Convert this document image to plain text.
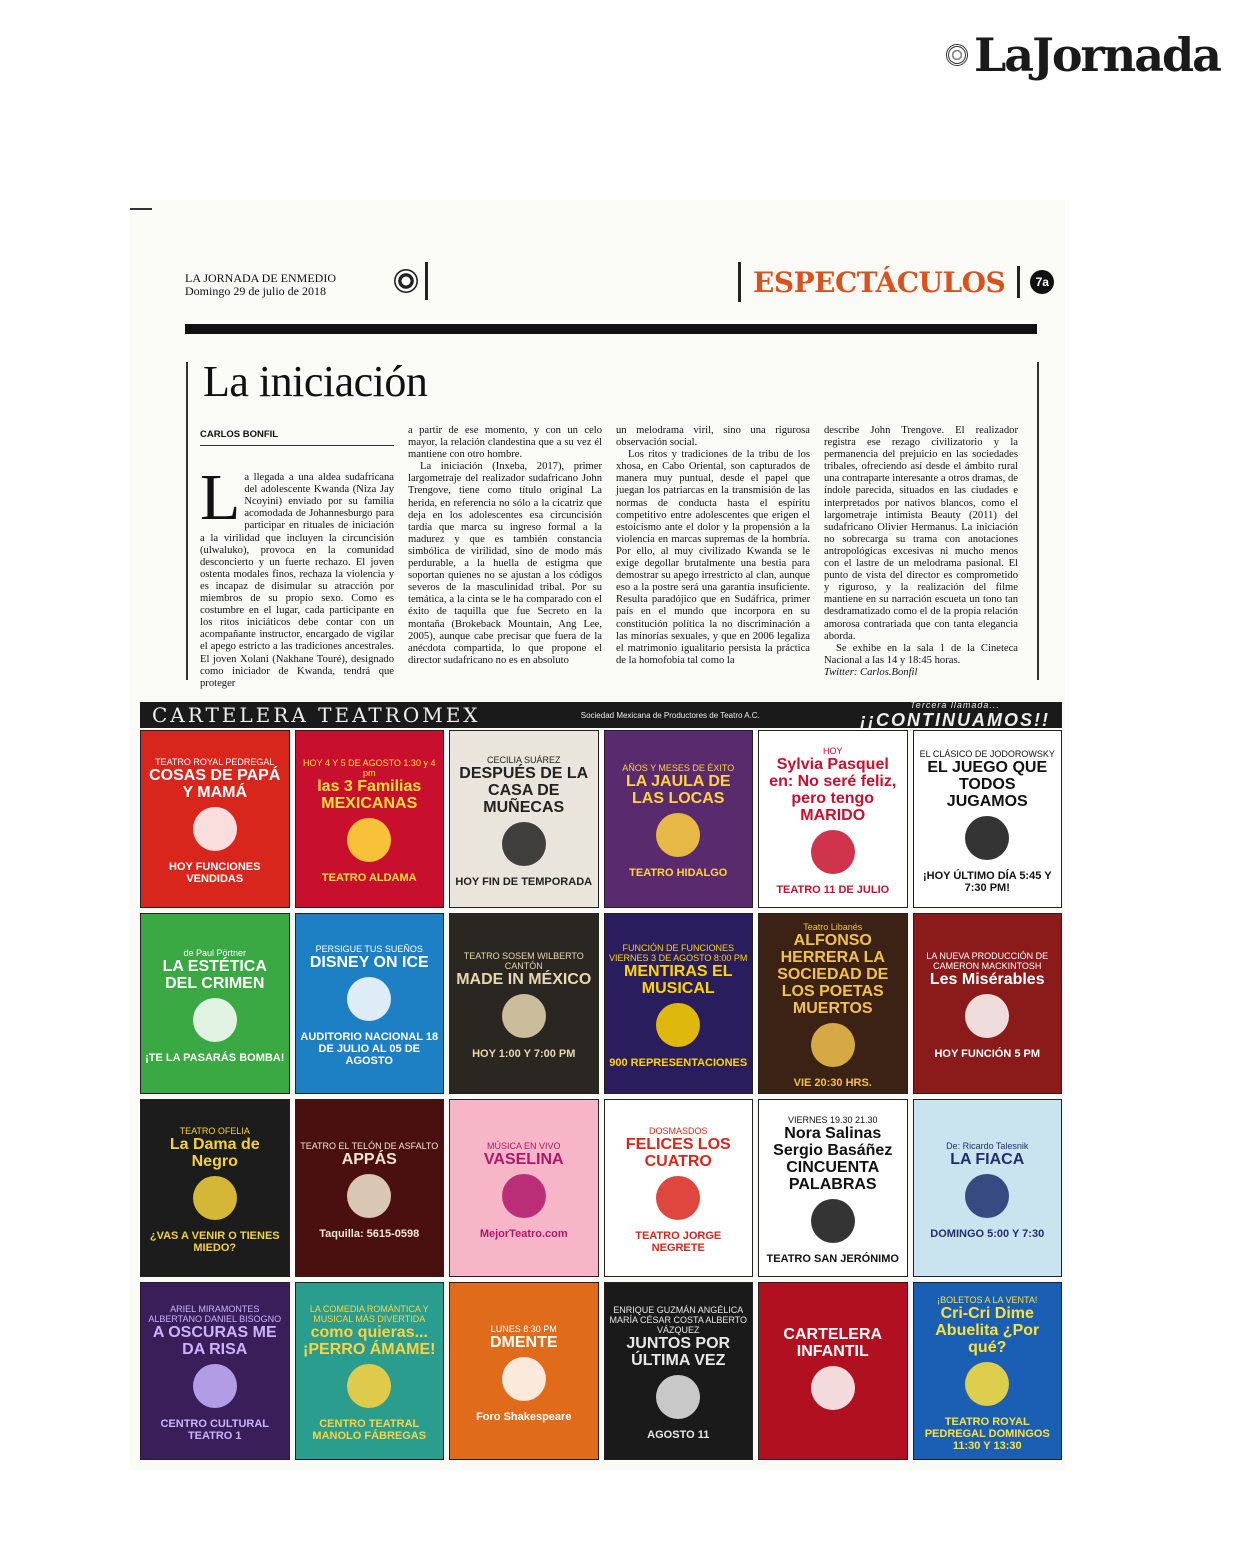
LaJornada
LA JORNADA DE ENMEDIO
Domingo 29 de julio de 2018	ESPECTÁCULOS	7a
La iniciación
CARLOS BONFIL

La llegada a una aldea sudafricana del adolescente Kwanda (Niza Jay Ncoyini) enviado por su familia acomodada de Johannesburgo para participar en rituales de iniciación a la virilidad que incluyen la circuncisión (ulwaluko), provoca en la comunidad desconcierto y un fuerte rechazo. El joven ostenta modales finos, rechaza la violencia y es incapaz de disimular su atracción por miembros de su propio sexo. Como es costumbre en el lugar, cada participante en los ritos iniciáticos debe contar con un acompañante instructor, encargado de vigilar el apego estricto a las tradiciones ancestrales. El joven Xolani (Nakhane Touré), designado como iniciador de Kwanda, tendrá que proteger

a partir de ese momento, y con un celo mayor, la relación clandestina que a su vez él mantiene con otro hombre.

La iniciación (Inxeba, 2017), primer largometraje del realizador sudafricano John Trengove, tiene como título original La herida, en referencia no sólo a la cicatriz que deja en los adolescentes esa circuncisión tardía que marca su ingreso formal a la madurez y que es también constancia simbólica de virilidad, sino de modo más perdurable, a la huella de estigma que soportan quienes no se ajustan a los códigos severos de la masculinidad tribal. Por su temática, a la cinta se le ha comparado con el éxito de taquilla que fue Secreto en la montaña (Brokeback Mountain, Ang Lee, 2005), aunque cabe precisar que fuera de la anécdota compartida, lo que propone el director sudafricano no es en absoluto

un melodrama viril, sino una rigurosa observación social.

Los ritos y tradiciones de la tribu de los xhosa, en Cabo Oriental, son capturados de manera muy puntual, desde el papel que juegan los patriarcas en la transmisión de las normas de conducta hasta el espíritu competitivo entre adolescentes que erigen el estoicismo ante el dolor y la propensión a la violencia en marcas supremas de la hombría. Por ello, al muy civilizado Kwanda se le exige degollar brutalmente una bestia para demostrar su apego irrestricto al clan, aunque eso a la postre será una garantía insuficiente. Resulta paradójico que en Sudáfrica, primer país en el mundo que incorpora en su constitución política la no discriminación a las minorías sexuales, y que en 2006 legaliza el matrimonio igualitario persista la práctica de la homofobia tal como la

describe John Trengove. El realizador registra ese rezago civilizatorio y la permanencia del prejuicio en las sociedades tribales, ofreciendo así desde el ámbito rural una contraparte interesante a otros dramas, de índole parecida, situados en las ciudades e interpretados por nativos blancos, como el largometraje intimista Beauty (2011) del sudafricano Olivier Hermanus. La iniciación no sobrecarga su trama con anotaciones antropológicas excesivas ni mucho menos con el lastre de un melodrama pasional. El punto de vista del director es comprometido y riguroso, y la realización del filme mantiene en su narración escueta un tono tan desdramatizado como el de la propia relación amorosa contrariada que con tanta elegancia aborda.

Se exhibe en la sala 1 de la Cineteca Nacional a las 14 y 18:45 horas.

Twitter: Carlos.Bonfil

CARTELERA TEATROMEX	Sociedad Mexicana de Productores de Teatro A.C.
Tercera llamada...
¡¡CONTINUAMOS!!
TEATRO ROYAL PEDREGAL
COSAS DE PAPÁ Y MAMÁ
HOY FUNCIONES VENDIDAS
HOY 4 Y 5 DE AGOSTO 1:30 y 4 pm
las 3 Familias MEXICANAS
TEATRO ALDAMA
CECILIA SUÁREZ
DESPUÉS DE LA CASA DE MUÑECAS
HOY FIN DE TEMPORADA
AÑOS Y MESES DE ÉXITO
LA JAULA DE LAS LOCAS
TEATRO HIDALGO
HOY
Sylvia Pasquel en: No seré feliz, pero tengo MARIDO
TEATRO 11 DE JULIO
EL CLÁSICO DE JODOROWSKY
EL JUEGO QUE TODOS JUGAMOS
¡HOY ÚLTIMO DÍA 5:45 Y 7:30 PM!
de Paul Pörtner
LA ESTÉTICA DEL CRIMEN
¡TE LA PASARÁS BOMBA!
PERSIGUE TUS SUEÑOS
DISNEY ON ICE
AUDITORIO NACIONAL 18 DE JULIO AL 05 DE AGOSTO
TEATRO SOSEM WILBERTO CANTÓN
MADE IN MÉXICO
HOY 1:00 Y 7:00 PM
FUNCIÓN DE FUNCIONES VIERNES 3 DE AGOSTO 8:00 PM
MENTIRAS EL MUSICAL
900 REPRESENTACIONES
Teatro Libanés
ALFONSO HERRERA LA SOCIEDAD DE LOS POETAS MUERTOS
VIE 20:30 HRS.
LA NUEVA PRODUCCIÓN DE CAMERON MACKINTOSH
Les Misérables
HOY FUNCIÓN 5 PM
TEATRO OFELIA
La Dama de Negro
¿VAS A VENIR O TIENES MIEDO?
TEATRO EL TELÓN DE ASFALTO
APPÁS
Taquilla: 5615-0598
MÚSICA EN VIVO
VASELINA
MejorTeatro.com
DOSMASDOS
FELICES LOS CUATRO
TEATRO JORGE NEGRETE
VIERNES 19.30 21.30
Nora Salinas Sergio Basáñez CINCUENTA PALABRAS
TEATRO SAN JERÓNIMO
De: Ricardo Talesnik
LA FIACA
DOMINGO 5:00 Y 7:30
ARIEL MIRAMONTES ALBERTANO DANIEL BISOGNO
A OSCURAS ME DA RISA
CENTRO CULTURAL TEATRO 1
LA COMEDIA ROMÁNTICA Y MUSICAL MÁS DIVERTIDA
como quieras... ¡PERRO ÁMAME!
CENTRO TEATRAL MANOLO FÁBREGAS
LUNES 8:30 PM
DMENTE
Foro Shakespeare
ENRIQUE GUZMÁN ANGÉLICA MARÍA CÉSAR COSTA ALBERTO VÁZQUEZ
JUNTOS POR ÚLTIMA VEZ
AGOSTO 11
CARTELERA INFANTIL
¡BOLETOS A LA VENTA!
Cri-Cri Dime Abuelita ¿Por qué?
TEATRO ROYAL PEDREGAL DOMINGOS 11:30 Y 13:30
